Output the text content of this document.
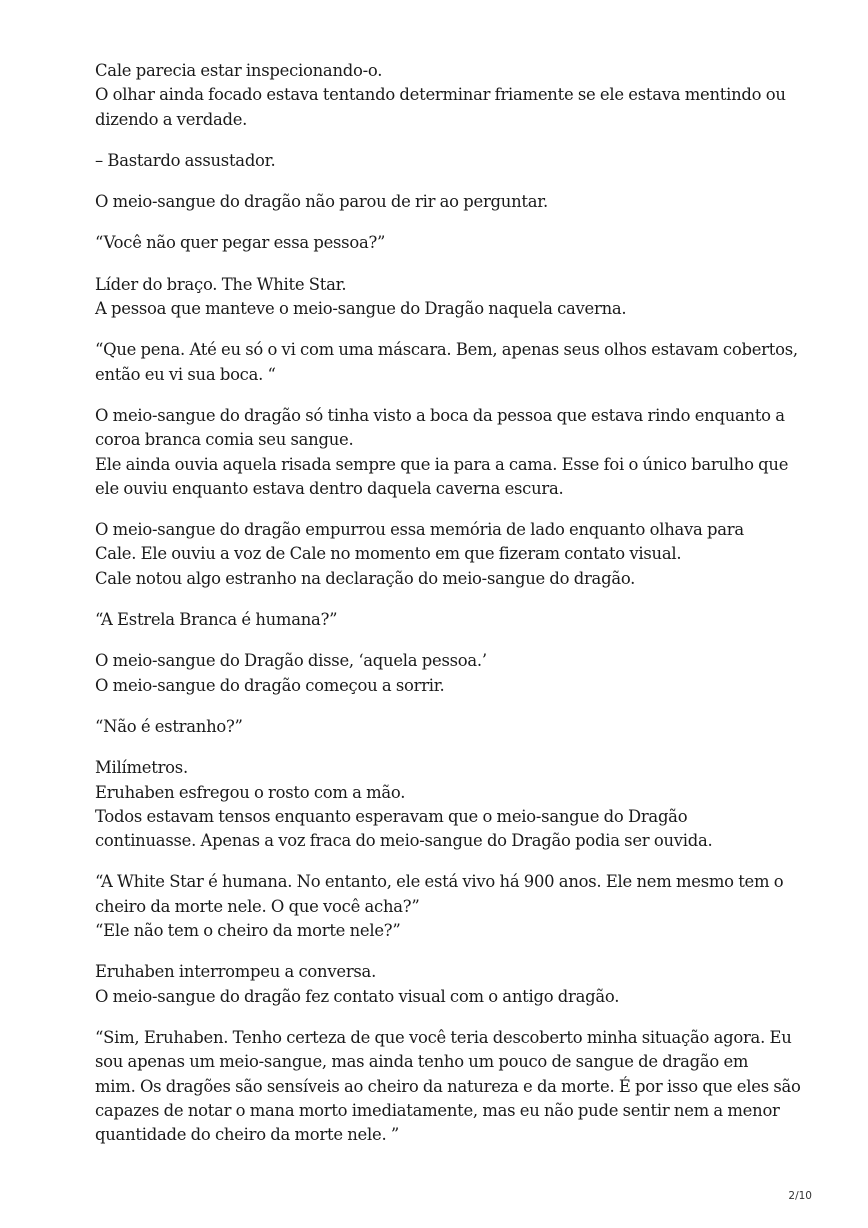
Cale parecia estar inspecionando-o.
O olhar ainda focado estava tentando determinar friamente se ele estava mentindo ou
dizendo a verdade.

– Bastardo assustador.

O meio-sangue do dragão não parou de rir ao perguntar.

“Você não quer pegar essa pessoa?”

Líder do braço. The White Star.
A pessoa que manteve o meio-sangue do Dragão naquela caverna.

“Que pena. Até eu só o vi com uma máscara. Bem, apenas seus olhos estavam cobertos,
então eu vi sua boca. “

O meio-sangue do dragão só tinha visto a boca da pessoa que estava rindo enquanto a
coroa branca comia seu sangue.
Ele ainda ouvia aquela risada sempre que ia para a cama. Esse foi o único barulho que
ele ouviu enquanto estava dentro daquela caverna escura.

O meio-sangue do dragão empurrou essa memória de lado enquanto olhava para
Cale. Ele ouviu a voz de Cale no momento em que fizeram contato visual.
Cale notou algo estranho na declaração do meio-sangue do dragão.

“A Estrela Branca é humana?”

O meio-sangue do Dragão disse, ‘aquela pessoa.’
O meio-sangue do dragão começou a sorrir.

“Não é estranho?”

Milímetros.
Eruhaben esfregou o rosto com a mão.
Todos estavam tensos enquanto esperavam que o meio-sangue do Dragão
continuasse. Apenas a voz fraca do meio-sangue do Dragão podia ser ouvida.

“A White Star é humana. No entanto, ele está vivo há 900 anos. Ele nem mesmo tem o
cheiro da morte nele. O que você acha?”
“Ele não tem o cheiro da morte nele?”

Eruhaben interrompeu a conversa.
O meio-sangue do dragão fez contato visual com o antigo dragão.

“Sim, Eruhaben. Tenho certeza de que você teria descoberto minha situação agora. Eu
sou apenas um meio-sangue, mas ainda tenho um pouco de sangue de dragão em
mim. Os dragões são sensíveis ao cheiro da natureza e da morte. É por isso que eles são
capazes de notar o mana morto imediatamente, mas eu não pude sentir nem a menor
quantidade do cheiro da morte nele. ”

2/10
